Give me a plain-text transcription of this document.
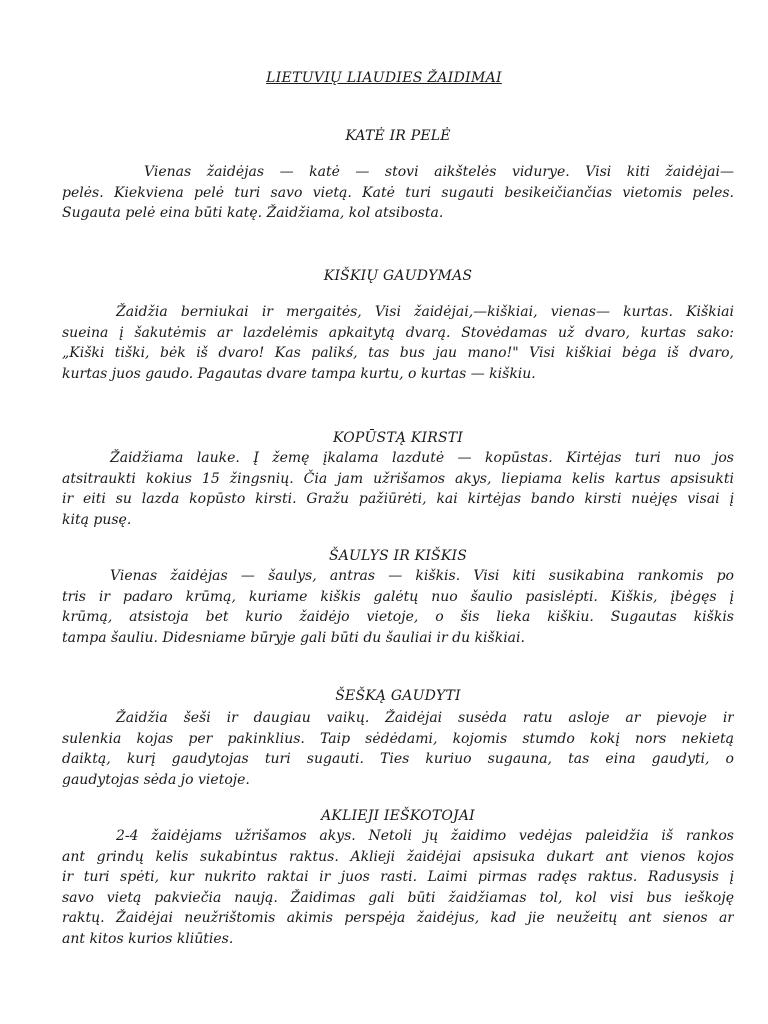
LIETUVIŲ LIAUDIES ŽAIDIMAI
KATĖ IR PELĖ
Vienas žaidėjas — katė — stovi aikštelės vidurye. Visi kiti žaidėjai—
pelės. Kiekviena pelė turi savo vietą. Katė turi sugauti besikeičiančias vietomis peles.
Sugauta pelė eina būti katę. Žaidžiama, kol atsibosta.
KIŠKIŲ GAUDYMAS
Žaidžia berniukai ir mergaitės, Visi žaidėjai,—kiškiai, vienas— kurtas. Kiškiai
sueina į šakutėmis ar lazdelėmis apkaitytą dvarą. Stovėdamas už dvaro, kurtas sako:
„Kiški tiški, bėk iš dvaro! Kas palikś, tas bus jau mano!" Visi kiškiai bėga iš dvaro,
kurtas juos gaudo. Pagautas dvare tampa kurtu, o kurtas — kiškiu.
KOPŪSTĄ KIRSTI
Žaidžiama lauke. Į žemę įkalama lazdutė — kopūstas. Kirtėjas turi nuo jos
atsitraukti kokius 15 žingsnių. Čia jam užrišamos akys, liepiama kelis kartus apsisukti
ir eiti su lazda kopūsto kirsti. Gražu pažiūrėti, kai kirtėjas bando kirsti nuėjęs visai į
kitą pusę.
ŠAULYS IR KIŠKIS
Vienas žaidėjas — šaulys, antras — kiškis. Visi kiti susikabina rankomis po
tris ir padaro krūmą, kuriame kiškis galėtų nuo šaulio pasislėpti. Kiškis, įbėgęs į
krūmą, atsistoja bet kurio žaidėjo vietoje, o šis lieka kiškiu. Sugautas kiškis
tampa šauliu. Didesniame būryje gali būti du šauliai ir du kiškiai.
ŠEŠKĄ GAUDYTI
Žaidžia šeši ir daugiau vaikų. Žaidėjai susėda ratu asloje ar pievoje ir
sulenkia kojas per pakinklius. Taip sėdėdami, kojomis stumdo kokį nors nekietą
daiktą, kurį gaudytojas turi sugauti. Ties kuriuo sugauna, tas eina gaudyti, o
gaudytojas sėda jo vietoje.
AKLIEJI IEŠKOTOJAI
2-4 žaidėjams užrišamos akys. Netoli jų žaidimo vedėjas paleidžia iš rankos
ant grindų kelis sukabintus raktus. Aklieji žaidėjai apsisuka dukart ant vienos kojos
ir turi spėti, kur nukrito raktai ir juos rasti. Laimi pirmas radęs raktus. Radusysis į
savo vietą pakviečia naują. Žaidimas gali būti žaidžiamas tol, kol visi bus ieškoję
raktų. Žaidėjai neužrištomis akimis perspėja žaidėjus, kad jie neužeitų ant sienos ar
ant kitos kurios kliūties.
